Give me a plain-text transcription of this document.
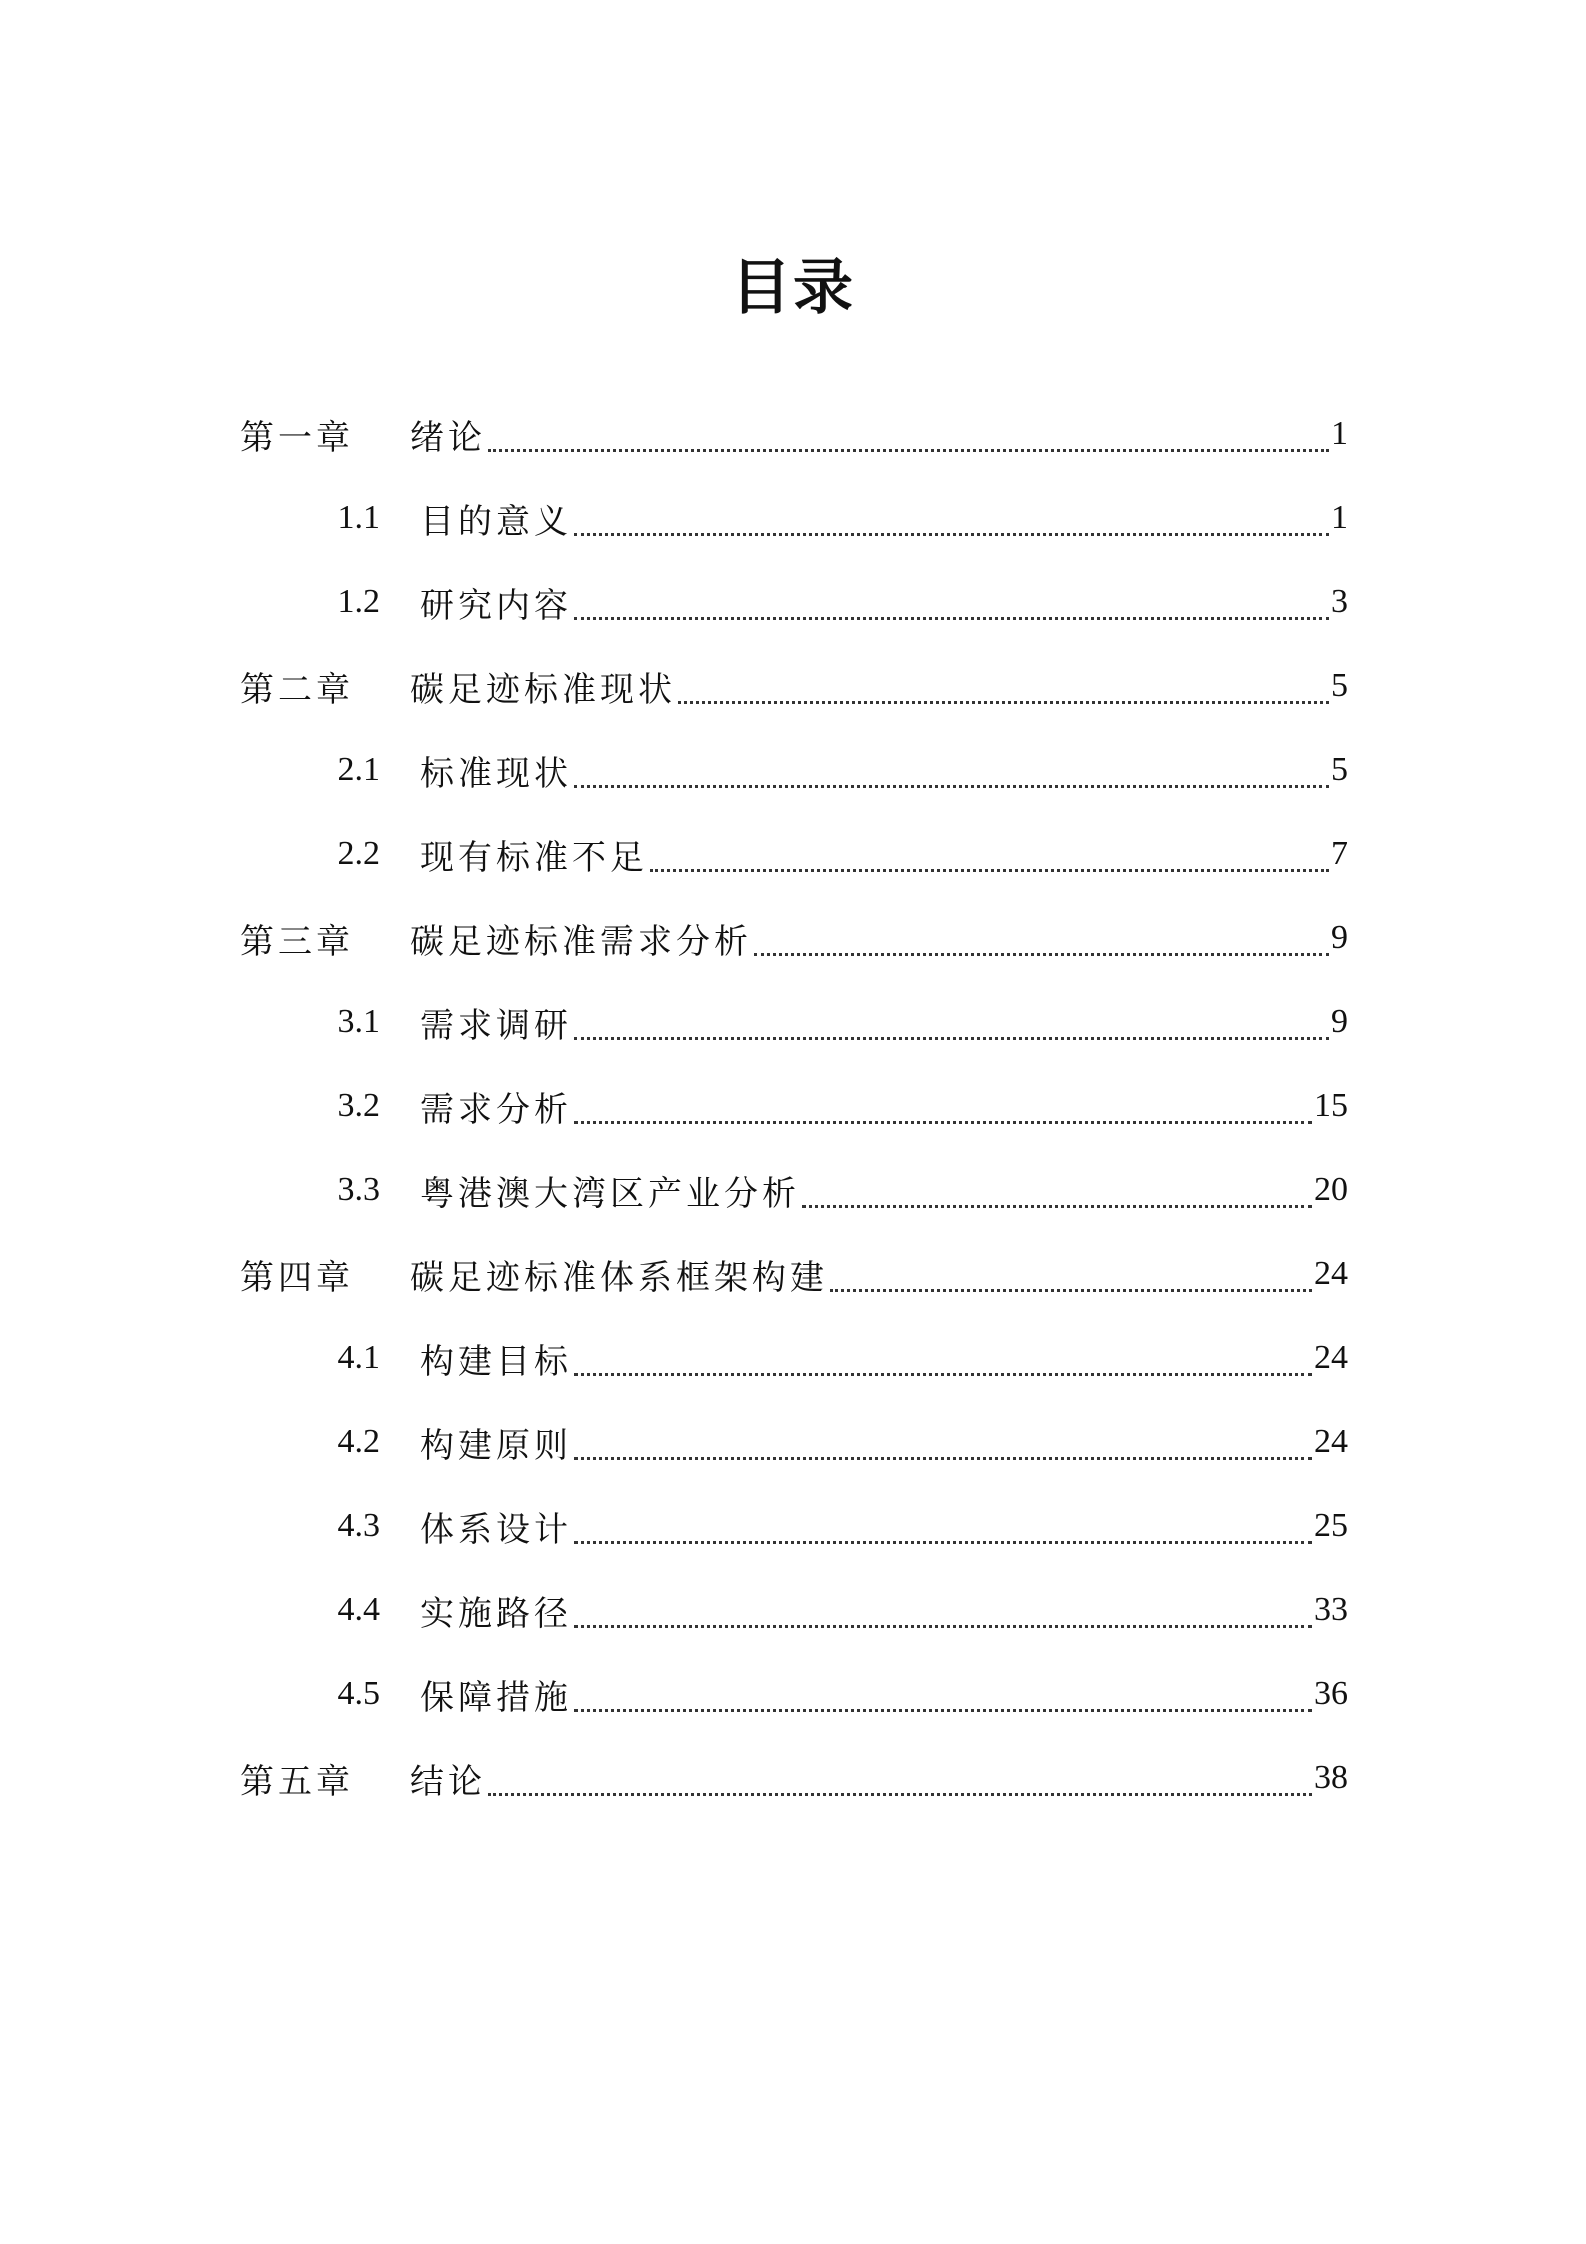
目录
第一章	绪论	1
1.1	目的意义	1
1.2	研究内容	3
第二章	碳足迹标准现状	5
2.1	标准现状	5
2.2	现有标准不足	7
第三章	碳足迹标准需求分析	9
3.1	需求调研	9
3.2	需求分析	15
3.3	粤港澳大湾区产业分析	20
第四章	碳足迹标准体系框架构建	24
4.1	构建目标	24
4.2	构建原则	24
4.3	体系设计	25
4.4	实施路径	33
4.5	保障措施	36
第五章	结论	38
